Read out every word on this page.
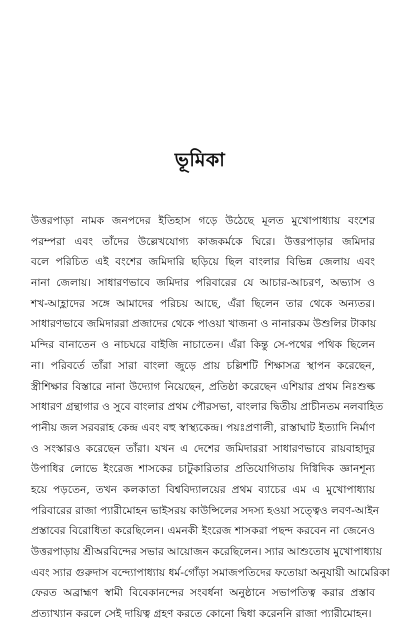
ভূমিকা
উত্তরপাড়া নামক জনপদের ইতিহাস গড়ে উঠেছে মূলত মুখোপাধ্যায় বংশের
পরম্পরা এবং তাঁদের উল্লেখযোগ্য কাজকর্মকে ঘিরে। উত্তরপাড়ার জমিদার
বলে পরিচিত এই বংশের জমিদারি ছড়িয়ে ছিল বাংলার বিভিন্ন জেলায় এবং
নানা জেলায়। সাধারণভাবে জমিদার পরিবারের যে আচার-আচরণ, অভ্যাস ও
শখ-আহ্লাদের সঙ্গে আমাদের পরিচয় আছে, এঁরা ছিলেন তার থেকে অন্যতর।
সাধারণভাবে জমিদাররা প্রজাদের থেকে পাওয়া খাজনা ও নানারকম উশুলির টাকায়
মন্দির বানাতেন ও নাচঘরে বাইজি নাচাতেন। এঁরা কিন্তু সে-পথের পথিক ছিলেন
না। পরিবর্তে তাঁরা সারা বাংলা জুড়ে প্রায় চল্লিশটি শিক্ষাসত্র স্থাপন করেছেন,
স্ত্রীশিক্ষার বিস্তারে নানা উদ্যোগ নিয়েছেন, প্রতিষ্ঠা করেছেন এশিয়ার প্রথম নিঃশুল্ক
সাধারণ গ্রন্থাগার ও সুবে বাংলার প্রথম পৌরসভা, বাংলার দ্বিতীয় প্রাচীনতম নলবাহিত
পানীয় জল সরবরাহ কেন্দ্র এবং বহু স্বাস্থ্যকেন্দ্র। পয়ঃপ্রণালী, রাস্তাঘাট ইত্যাদি নির্মাণ
ও সংস্কারও করেছেন তাঁরা। যখন এ দেশের জমিদাররা সাধারণভাবে রায়বাহাদুর
উপাধির লোভে ইংরেজ শাসকের চাটুকারিতার প্রতিযোগিতায় দিগ্বিদিক জ্ঞানশূন্য
হয়ে পড়তেন, তখন কলকাতা বিশ্ববিদ্যালয়ের প্রথম ব্যাচের এম এ মুখোপাধ্যায়
পরিবারের রাজা প্যারীমোহন ভাইসরয় কাউন্সিলের সদস্য হওয়া সত্ত্বেও লবণ-আইন
প্রস্তাবের বিরোধিতা করেছিলেন। এমনকী ইংরেজ শাসকরা পছন্দ করবেন না জেনেও
উত্তরপাড়ায় শ্রীঅরবিন্দের সভার আয়োজন করেছিলেন। স্যার আশুতোষ মুখোপাধ্যায়
এবং স্যার গুরুদাস বন্দ্যোপাধ্যায় ধর্ম-গোঁড়া সমাজপতিদের ফতোয়া অনুযায়ী আমেরিকা
ফেরত অব্রাহ্মণ স্বামী বিবেকানন্দের সংবর্ধনা অনুষ্ঠানে সভাপতিত্ব করার প্রস্তাব
প্রত্যাখ্যান করলে সেই দায়িত্ব গ্রহণ করতে কোনো দ্বিধা করেননি রাজা প্যারীমোহন।
